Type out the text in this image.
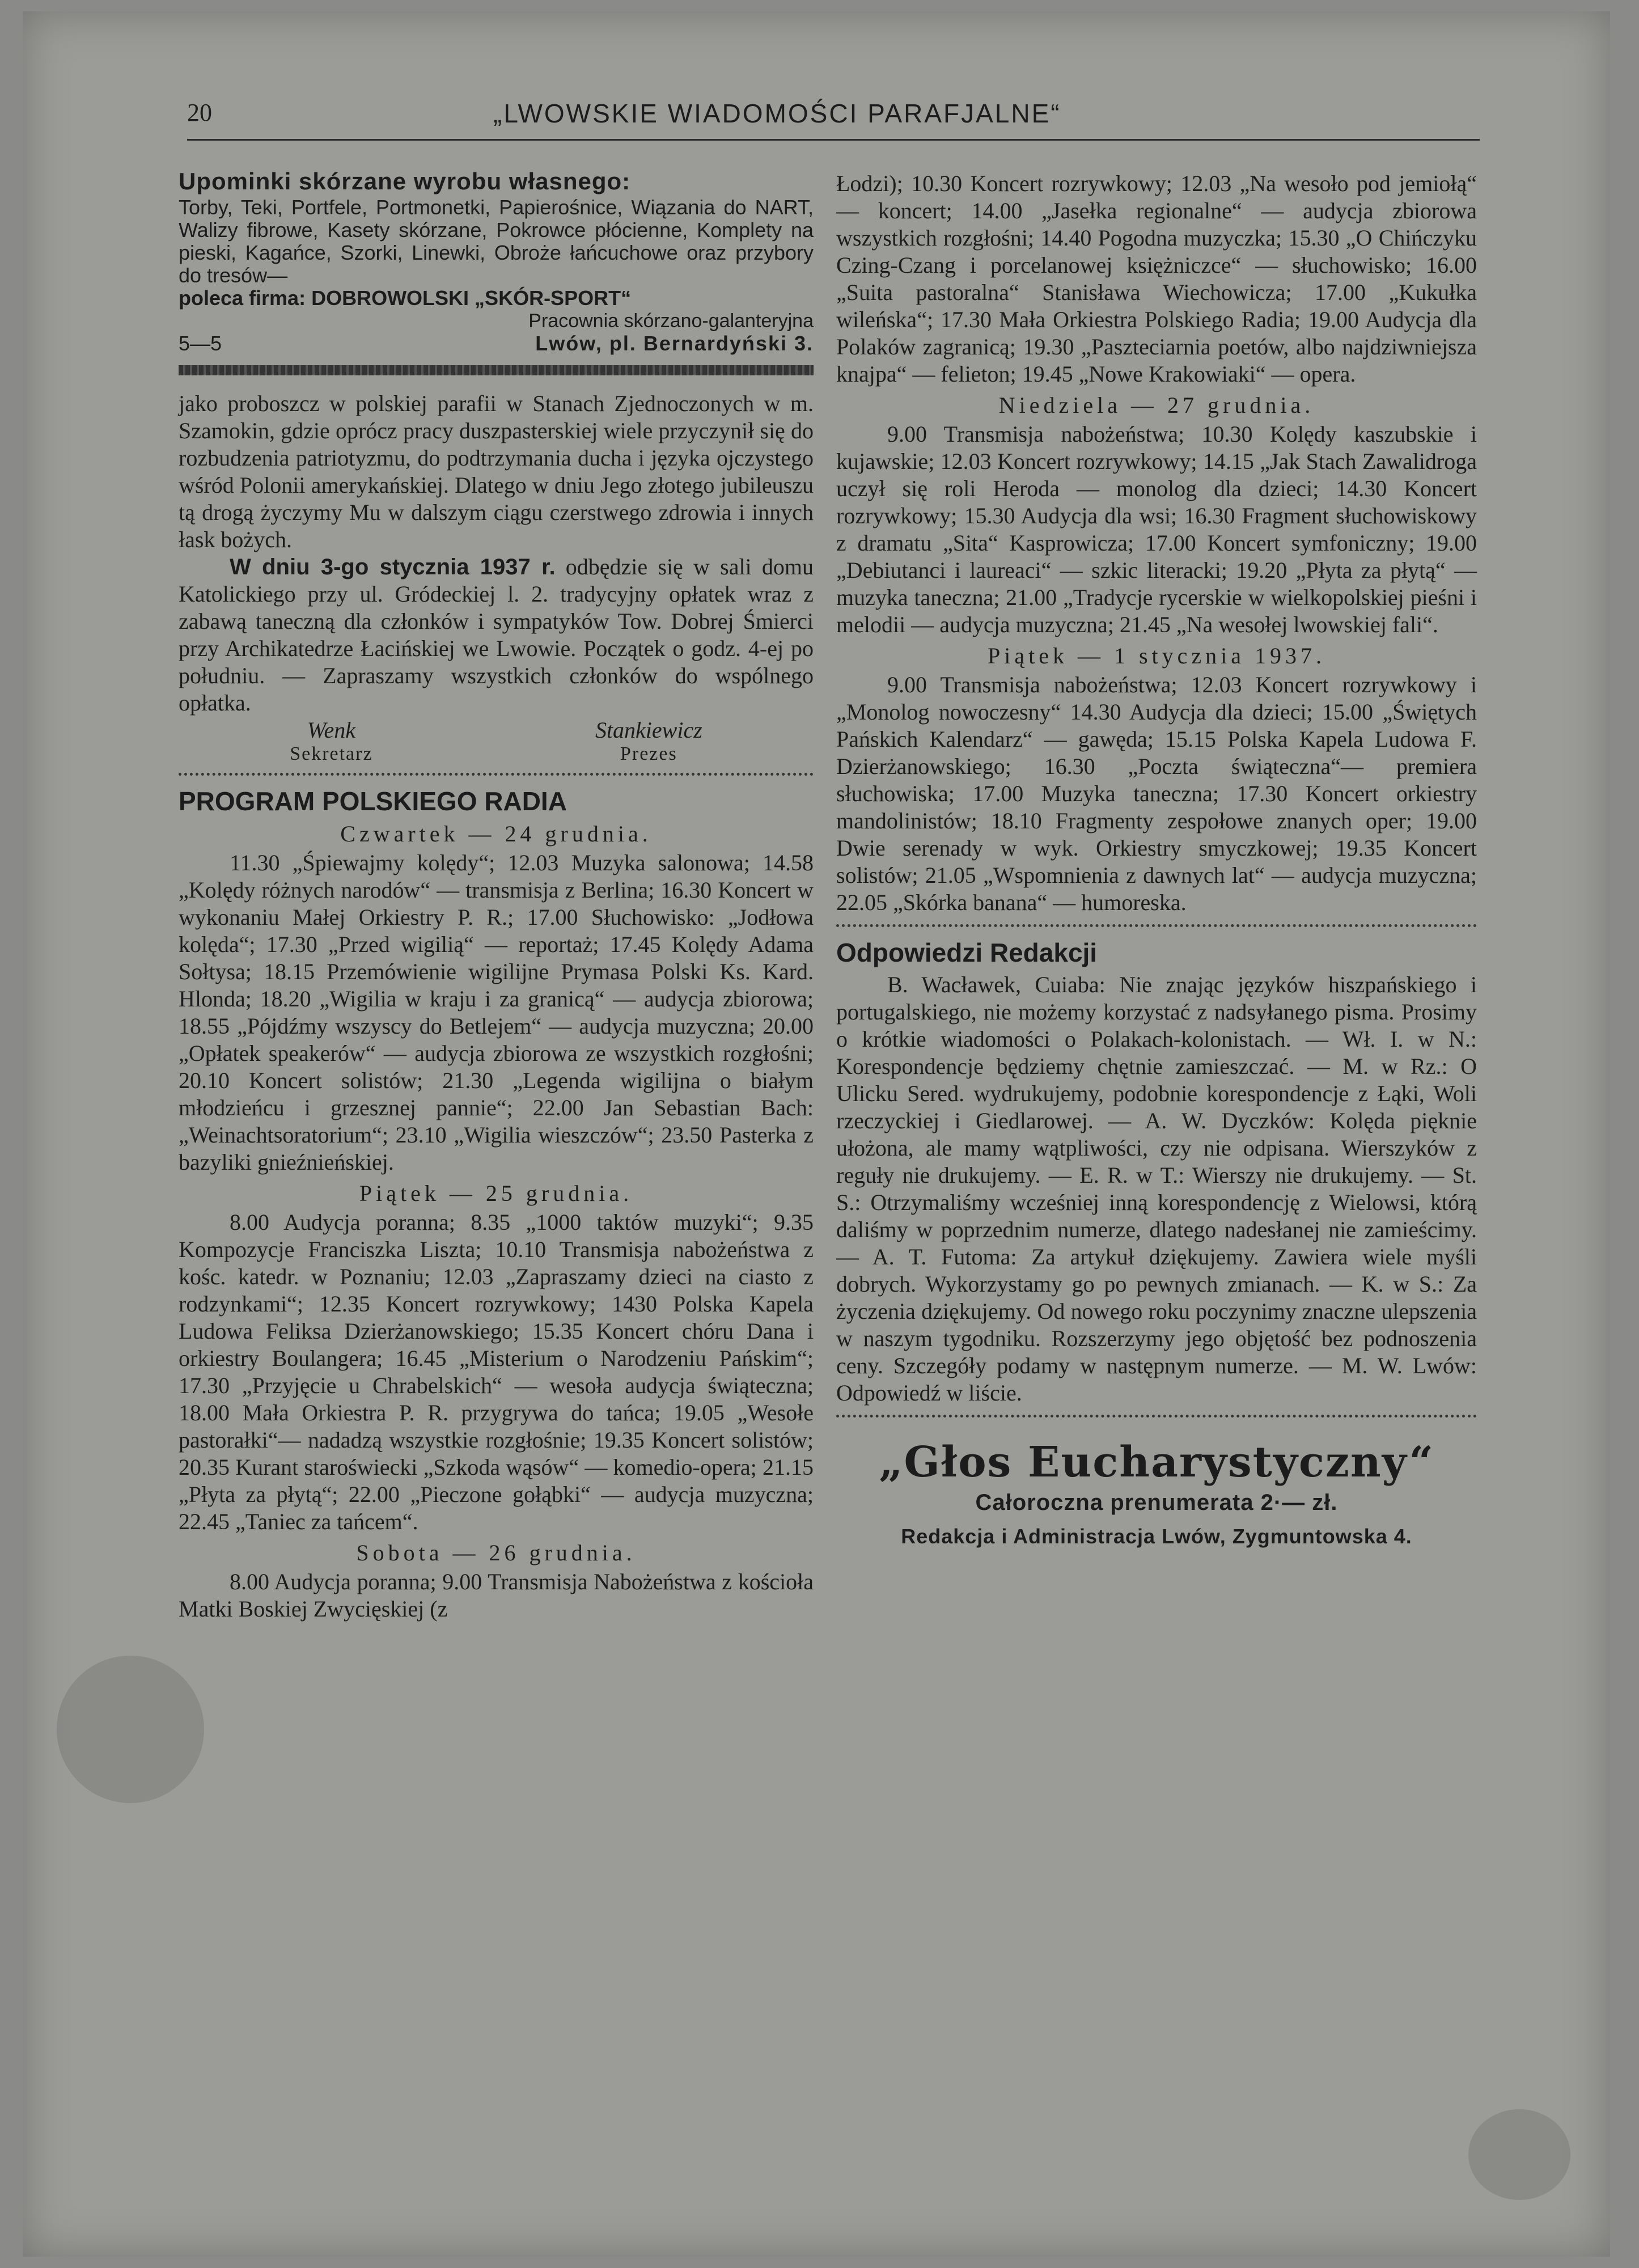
20	„LWOWSKIE WIADOMOŚCI PARAFJALNE“
Upominki skórzane wyrobu własnego:
Torby, Teki, Portfele, Portmonetki, Papierośnice, Wiązania do NART, Walizy fibrowe, Kasety skórzane, Pokrowce płócienne, Komplety na pieski, Kagańce, Szorki, Linewki, Obroże łańcuchowe oraz przybory do tresów—
poleca firma: DOBROWOLSKI „SKÓR-SPORT“
Pracownia skórzano-galanteryjna
5—5	Lwów, pl. Bernardyński 3.

jako proboszcz w polskiej parafii w Stanach Zjednoczonych w m. Szamokin, gdzie oprócz pracy duszpasterskiej wiele przyczynił się do rozbudzenia patriotyzmu, do podtrzymania ducha i języka ojczystego wśród Polonii amerykańskiej. Dlatego w dniu Jego złotego jubileuszu tą drogą życzymy Mu w dalszym ciągu czerstwego zdrowia i innych łask bożych.

W dniu 3-go stycznia 1937 r. odbędzie się w sali domu Katolickiego przy ul. Gródeckiej l. 2. tradycyjny opłatek wraz z zabawą taneczną dla członków i sympatyków Tow. Dobrej Śmierci przy Archikatedrze Łacińskiej we Lwowie. Początek o godz. 4-ej po południu. — Zapraszamy wszystkich członków do wspólnego opłatka.

Wenk
Sekretarz
Stankiewicz
Prezes
PROGRAM POLSKIEGO RADIA
Czwartek — 24 grudnia.

11.30 „Śpiewajmy kolędy“; 12.03 Muzyka salonowa; 14.58 „Kolędy różnych narodów“ — transmisja z Berlina; 16.30 Koncert w wykonaniu Małej Orkiestry P. R.; 17.00 Słuchowisko: „Jodłowa kolęda“; 17.30 „Przed wigilią“ — reportaż; 17.45 Kolędy Adama Sołtysa; 18.15 Przemówienie wigilijne Prymasa Polski Ks. Kard. Hlonda; 18.20 „Wigilia w kraju i za granicą“ — audycja zbiorowa; 18.55 „Pójdźmy wszyscy do Betlejem“ — audycja muzyczna; 20.00 „Opłatek speakerów“ — audycja zbiorowa ze wszystkich rozgłośni; 20.10 Koncert solistów; 21.30 „Legenda wigilijna o białym młodzieńcu i grzesznej pannie“; 22.00 Jan Sebastian Bach: „Weinachtsoratorium“; 23.10 „Wigilia wieszczów“; 23.50 Pasterka z bazyliki gnieźnieńskiej.

Piątek — 25 grudnia.

8.00 Audycja poranna; 8.35 „1000 taktów muzyki“; 9.35 Kompozycje Franciszka Liszta; 10.10 Transmisja nabożeństwa z kośc. katedr. w Poznaniu; 12.03 „Zapraszamy dzieci na ciasto z rodzynkami“; 12.35 Koncert rozrywkowy; 1430 Polska Kapela Ludowa Feliksa Dzierżanowskiego; 15.35 Koncert chóru Dana i orkiestry Boulangera; 16.45 „Misterium o Narodzeniu Pańskim“; 17.30 „Przyjęcie u Chrabelskich“ — wesoła audycja świąteczna; 18.00 Mała Orkiestra P. R. przygrywa do tańca; 19.05 „Wesołe pastorałki“— nadadzą wszystkie rozgłośnie; 19.35 Koncert solistów; 20.35 Kurant staroświecki „Szkoda wąsów“ — komedio-opera; 21.15 „Płyta za płytą“; 22.00 „Pieczone gołąbki“ — audycja muzyczna; 22.45 „Taniec za tańcem“.

Sobota — 26 grudnia.

8.00 Audycja poranna; 9.00 Transmisja Nabożeństwa z kościoła Matki Boskiej Zwycięskiej (z

Łodzi); 10.30 Koncert rozrywkowy; 12.03 „Na wesoło pod jemiołą“ — koncert; 14.00 „Jasełka regionalne“ — audycja zbiorowa wszystkich rozgłośni; 14.40 Pogodna muzyczka; 15.30 „O Chińczyku Czing-Czang i porcelanowej księżniczce“ — słuchowisko; 16.00 „Suita pastoralna“ Stanisława Wiechowicza; 17.00 „Kukułka wileńska“; 17.30 Mała Orkiestra Polskiego Radia; 19.00 Audycja dla Polaków zagranicą; 19.30 „Paszteciarnia poetów, albo najdziwniejsza knajpa“ — felieton; 19.45 „Nowe Krakowiaki“ — opera.

Niedziela — 27 grudnia.

9.00 Transmisja nabożeństwa; 10.30 Kolędy kaszubskie i kujawskie; 12.03 Koncert rozrywkowy; 14.15 „Jak Stach Zawalidroga uczył się roli Heroda — monolog dla dzieci; 14.30 Koncert rozrywkowy; 15.30 Audycja dla wsi; 16.30 Fragment słuchowiskowy z dramatu „Sita“ Kasprowicza; 17.00 Koncert symfoniczny; 19.00 „Debiutanci i laureaci“ — szkic literacki; 19.20 „Płyta za płytą“ — muzyka taneczna; 21.00 „Tradycje rycerskie w wielkopolskiej pieśni i melodii — audycja muzyczna; 21.45 „Na wesołej lwowskiej fali“.

Piątek — 1 stycznia 1937.

9.00 Transmisja nabożeństwa; 12.03 Koncert rozrywkowy i „Monolog nowoczesny“ 14.30 Audycja dla dzieci; 15.00 „Świętych Pańskich Kalendarz“ — gawęda; 15.15 Polska Kapela Ludowa F. Dzierżanowskiego; 16.30 „Poczta świąteczna“— premiera słuchowiska; 17.00 Muzyka taneczna; 17.30 Koncert orkiestry mandolinistów; 18.10 Fragmenty zespołowe znanych oper; 19.00 Dwie serenady w wyk. Orkiestry smyczkowej; 19.35 Koncert solistów; 21.05 „Wspomnienia z dawnych lat“ — audycja muzyczna; 22.05 „Skórka banana“ — humoreska.

Odpowiedzi Redakcji

B. Wacławek, Cuiaba: Nie znając języków hiszpańskiego i portugalskiego, nie możemy korzystać z nadsyłanego pisma. Prosimy o krótkie wiadomości o Polakach-kolonistach. — Wł. I. w N.: Korespondencje będziemy chętnie zamieszczać. — M. w Rz.: O Ulicku Sered. wydrukujemy, podobnie korespondencje z Łąki, Woli rzeczyckiej i Giedlarowej. — A. W. Dyczków: Kolęda pięknie ułożona, ale mamy wątpliwości, czy nie odpisana. Wierszyków z reguły nie drukujemy. — E. R. w T.: Wierszy nie drukujemy. — St. S.: Otrzymaliśmy wcześniej inną korespondencję z Wielowsi, którą daliśmy w poprzednim numerze, dlatego nadesłanej nie zamieścimy. — A. T. Futoma: Za artykuł dziękujemy. Zawiera wiele myśli dobrych. Wykorzystamy go po pewnych zmianach. — K. w S.: Za życzenia dziękujemy. Od nowego roku poczynimy znaczne ulepszenia w naszym tygodniku. Rozszerzymy jego objętość bez podnoszenia ceny. Szczegóły podamy w następnym numerze. — M. W. Lwów: Odpowiedź w liście.

„Głos Eucharystyczny“
Całoroczna prenumerata 2·— zł.
Redakcja i Administracja Lwów, Zygmuntowska 4.
